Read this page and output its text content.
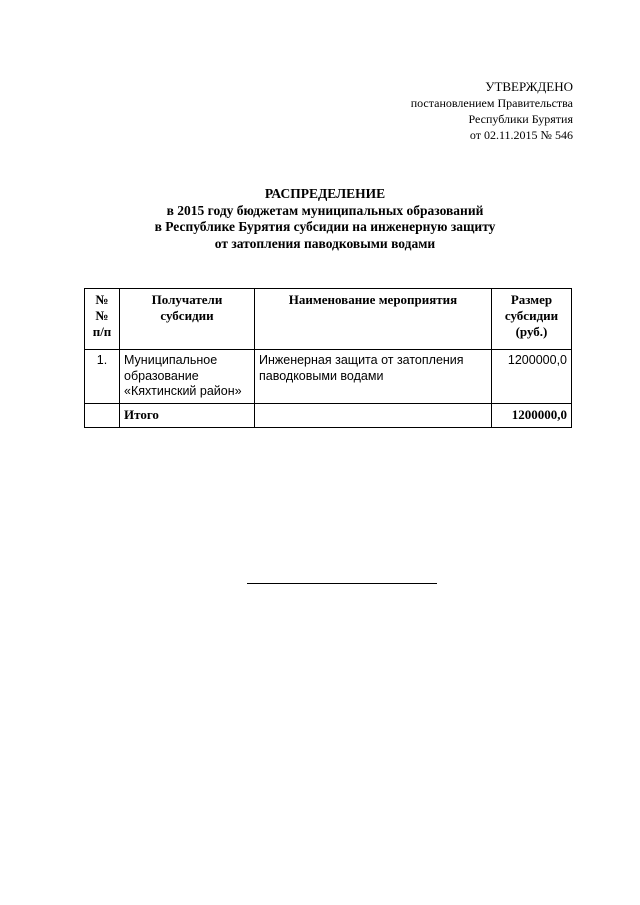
УТВЕРЖДЕНО
постановлением Правительства
Республики Бурятия
от 02.11.2015 № 546
РАСПРЕДЕЛЕНИЕ
в 2015 году бюджетам муниципальных образований
в Республике Бурятия субсидии на инженерную защиту
от затопления паводковыми водами
№№ п/п	Получатели субсидии	Наименование мероприятия	Размер субсидии (руб.)
1.	Муниципальное образование «Кяхтинский район»	Инженерная защита от затопления паводковыми водами	1200000,0
	Итого		1200000,0
